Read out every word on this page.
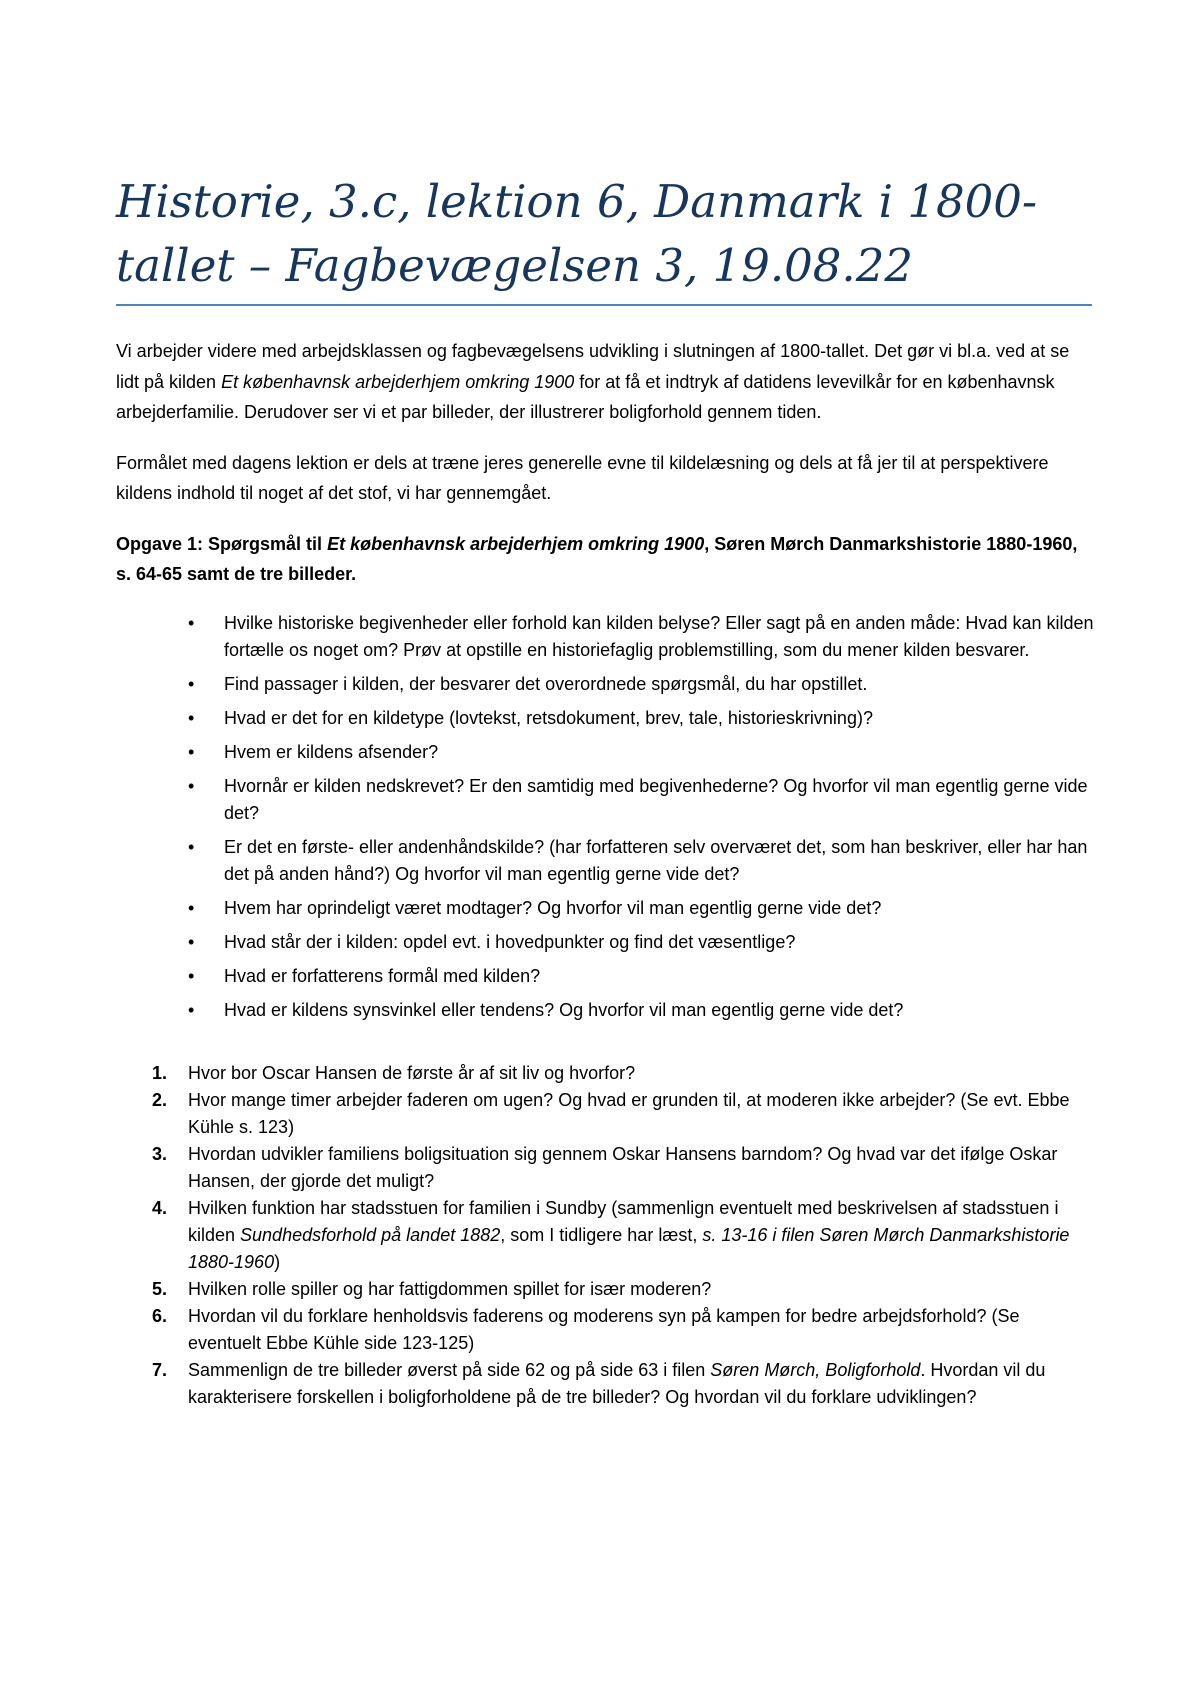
Historie, 3.c, lektion 6, Danmark i 1800-tallet – Fagbevægelsen 3, 19.08.22

Vi arbejder videre med arbejdsklassen og fagbevægelsens udvikling i slutningen af 1800-tallet. Det gør vi bl.a. ved at se lidt på kilden Et københavnsk arbejderhjem omkring 1900 for at få et indtryk af datidens levevilkår for en københavnsk arbejderfamilie. Derudover ser vi et par billeder, der illustrerer boligforhold gennem tiden.

Formålet med dagens lektion er dels at træne jeres generelle evne til kildelæsning og dels at få jer til at perspektivere kildens indhold til noget af det stof, vi har gennemgået.

Opgave 1: Spørgsmål til Et københavnsk arbejderhjem omkring 1900, Søren Mørch Danmarkshistorie 1880-1960, s. 64-65 samt de tre billeder.

• Hvilke historiske begivenheder eller forhold kan kilden belyse? Eller sagt på en anden måde: Hvad kan kilden fortælle os noget om? Prøv at opstille en historiefaglig problemstilling, som du mener kilden besvarer.
• Find passager i kilden, der besvarer det overordnede spørgsmål, du har opstillet.
• Hvad er det for en kildetype (lovtekst, retsdokument, brev, tale, historieskrivning)?
• Hvem er kildens afsender?
• Hvornår er kilden nedskrevet? Er den samtidig med begivenhederne? Og hvorfor vil man egentlig gerne vide det?
• Er det en første- eller andenhåndskilde? (har forfatteren selv overværet det, som han beskriver, eller har han det på anden hånd?) Og hvorfor vil man egentlig gerne vide det?
• Hvem har oprindeligt været modtager? Og hvorfor vil man egentlig gerne vide det?
• Hvad står der i kilden: opdel evt. i hovedpunkter og find det væsentlige?
• Hvad er forfatterens formål med kilden?
• Hvad er kildens synsvinkel eller tendens? Og hvorfor vil man egentlig gerne vide det?
1. Hvor bor Oscar Hansen de første år af sit liv og hvorfor?
2. Hvor mange timer arbejder faderen om ugen? Og hvad er grunden til, at moderen ikke arbejder? (Se evt. Ebbe Kühle s. 123)
3. Hvordan udvikler familiens boligsituation sig gennem Oskar Hansens barndom? Og hvad var det ifølge Oskar Hansen, der gjorde det muligt?
4. Hvilken funktion har stadsstuen for familien i Sundby (sammenlign eventuelt med beskrivelsen af stadsstuen i kilden Sundhedsforhold på landet 1882, som I tidligere har læst, s. 13-16 i filen Søren Mørch Danmarkshistorie 1880-1960)
5. Hvilken rolle spiller og har fattigdommen spillet for især moderen?
6. Hvordan vil du forklare henholdsvis faderens og moderens syn på kampen for bedre arbejdsforhold? (Se eventuelt Ebbe Kühle side 123-125)
7. Sammenlign de tre billeder øverst på side 62 og på side 63 i filen Søren Mørch, Boligforhold. Hvordan vil du karakterisere forskellen i boligforholdene på de tre billeder? Og hvordan vil du forklare udviklingen?
